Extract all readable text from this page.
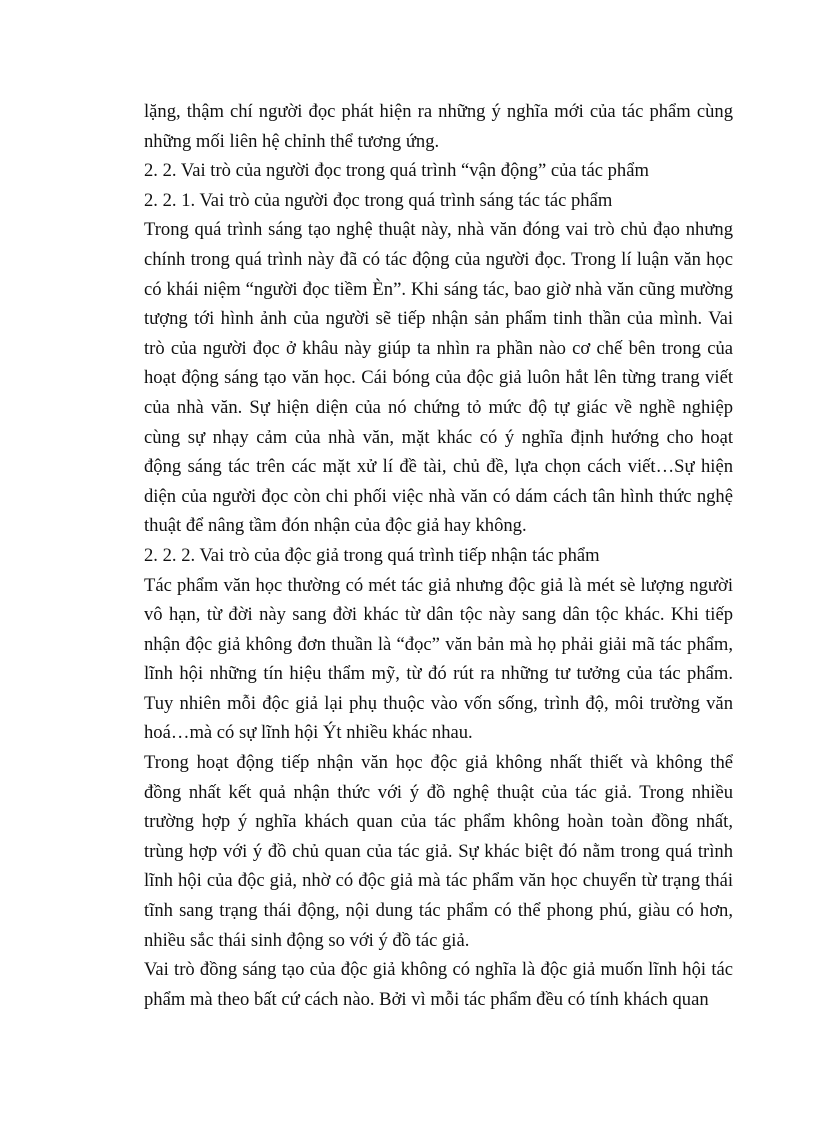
lặng, thậm chí người đọc phát hiện ra những ý nghĩa mới của tác phẩm cùng
những mối liên hệ chỉnh thể tương ứng.
2. 2. Vai trò của người đọc trong quá trình “vận động” của tác phẩm
2. 2. 1. Vai trò của người đọc trong quá trình sáng tác tác phẩm
Trong quá trình sáng tạo nghệ thuật này, nhà văn đóng vai trò chủ đạo nhưng
chính trong quá trình này đã có tác động của người đọc. Trong lí luận văn học
có khái niệm “người đọc tiềm Èn”. Khi sáng tác, bao giờ nhà văn cũng mường
tượng tới hình ảnh của người sẽ tiếp nhận sản phẩm tinh thần của mình. Vai
trò của người đọc ở khâu này giúp ta nhìn ra phần nào cơ chế bên trong của
hoạt động sáng tạo văn học. Cái bóng của độc giả luôn hắt lên từng trang viết
của nhà văn. Sự hiện diện của nó chứng tỏ mức độ tự giác về nghề nghiệp
cùng sự nhạy cảm của nhà văn, mặt khác có ý nghĩa định hướng cho hoạt
động sáng tác trên các mặt xử lí đề tài, chủ đề, lựa chọn cách viết…Sự hiện
diện của người đọc còn chi phối việc nhà văn có dám cách tân hình thức nghệ
thuật để nâng tầm đón nhận của độc giả hay không.
2. 2. 2. Vai trò của độc giả trong quá trình tiếp nhận tác phẩm
Tác phẩm văn học thường có mét tác giả nhưng độc giả là mét sè lượng người
vô hạn, từ đời này sang đời khác từ dân tộc này sang dân tộc khác. Khi tiếp
nhận độc giả không đơn thuần là “đọc” văn bản mà họ phải giải mã tác phẩm,
lĩnh hội những tín hiệu thẩm mỹ, từ đó rút ra những tư tưởng của tác phẩm.
Tuy nhiên mỗi độc giả lại phụ thuộc vào vốn sống, trình độ, môi trường văn
hoá…mà có sự lĩnh hội Ýt nhiều khác nhau.
Trong hoạt động tiếp nhận văn học độc giả không nhất thiết và không thể
đồng nhất kết quả nhận thức với ý đồ nghệ thuật của tác giả. Trong nhiều
trường hợp ý nghĩa khách quan của tác phẩm không hoàn toàn đồng nhất,
trùng hợp với ý đồ chủ quan của tác giả. Sự khác biệt đó nằm trong quá trình
lĩnh hội của độc giả, nhờ có độc giả mà tác phẩm văn học chuyển từ trạng thái
tĩnh sang trạng thái động, nội dung tác phẩm có thể phong phú, giàu có hơn,
nhiều sắc thái sinh động so với ý đồ tác giả.
Vai trò đồng sáng tạo của độc giả không có nghĩa là độc giả muốn lĩnh hội tác
phẩm mà theo bất cứ cách nào. Bởi vì mỗi tác phẩm đều có tính khách quan
